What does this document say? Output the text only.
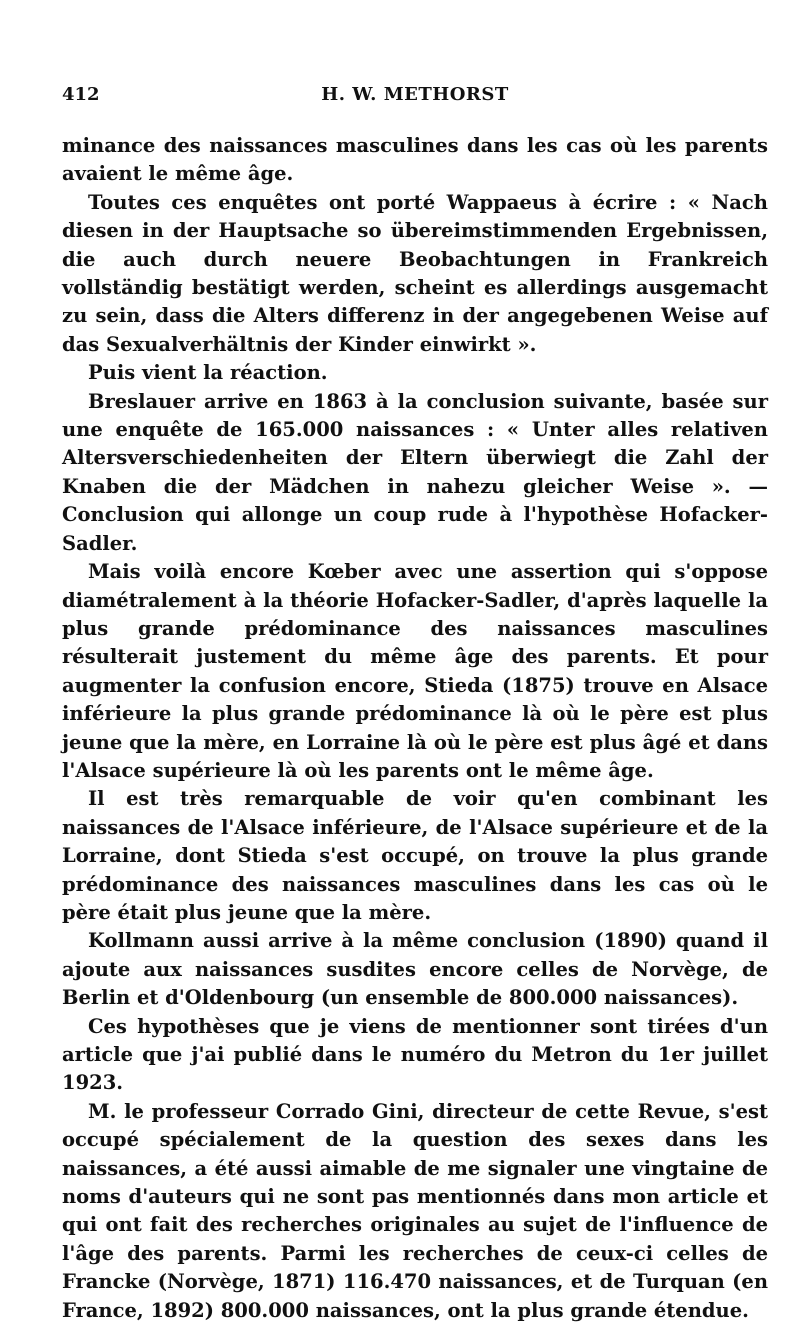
412	H. W. METHORST

minance des naissances masculines dans les cas où les parents avaient le même âge.

Toutes ces enquêtes ont porté Wappaeus à écrire : « Nach diesen in der Hauptsache so übereimstimmenden Ergebnissen, die auch durch neuere Beobachtungen in Frankreich vollständig bestätigt werden, scheint es allerdings ausgemacht zu sein, dass die Alters differenz in der angegebenen Weise auf das Sexualverhältnis der Kinder einwirkt ».

Puis vient la réaction.

Breslauer arrive en 1863 à la conclusion suivante, basée sur une enquête de 165.000 naissances : « Unter alles relativen Altersverschiedenheiten der Eltern überwiegt die Zahl der Knaben die der Mädchen in nahezu gleicher Weise ». — Conclusion qui allonge un coup rude à l'hypothèse Hofacker-Sadler.

Mais voilà encore Kœber avec une assertion qui s'oppose diamétralement à la théorie Hofacker-Sadler, d'après laquelle la plus grande prédominance des naissances masculines résulterait justement du même âge des parents. Et pour augmenter la confusion encore, Stieda (1875) trouve en Alsace inférieure la plus grande prédominance là où le père est plus jeune que la mère, en Lorraine là où le père est plus âgé et dans l'Alsace supérieure là où les parents ont le même âge.

Il est très remarquable de voir qu'en combinant les naissances de l'Alsace inférieure, de l'Alsace supérieure et de la Lorraine, dont Stieda s'est occupé, on trouve la plus grande prédominance des naissances masculines dans les cas où le père était plus jeune que la mère.

Kollmann aussi arrive à la même conclusion (1890) quand il ajoute aux naissances susdites encore celles de Norvège, de Berlin et d'Oldenbourg (un ensemble de 800.000 naissances).

Ces hypothèses que je viens de mentionner sont tirées d'un article que j'ai publié dans le numéro du Metron du 1er juillet 1923.

M. le professeur Corrado Gini, directeur de cette Revue, s'est occupé spécialement de la question des sexes dans les naissances, a été aussi aimable de me signaler une vingtaine de noms d'auteurs qui ne sont pas mentionnés dans mon article et qui ont fait des recherches originales au sujet de l'influence de l'âge des parents. Parmi les recherches de ceux-ci celles de Francke (Norvège, 1871) 116.470 naissances, et de Turquan (en France, 1892) 800.000 naissances, ont la plus grande étendue.
